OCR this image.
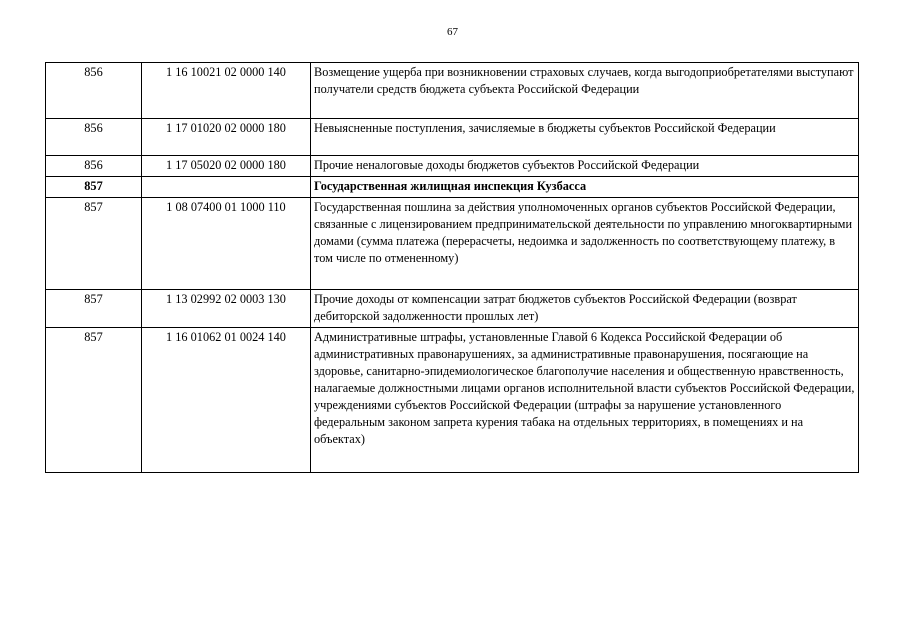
67
856	1 16 10021 02 0000 140	Возмещение ущерба при возникновении страховых случаев, когда выгодоприобретателями выступают получатели средств бюджета субъекта Российской Федерации
856	1 17 01020 02 0000 180	Невыясненные поступления, зачисляемые в бюджеты субъектов Российской Федерации
856	1 17 05020 02 0000 180	Прочие неналоговые доходы бюджетов субъектов Российской Федерации
857		Государственная жилищная инспекция Кузбасса
857	1 08 07400 01 1000 110	Государственная пошлина за действия уполномоченных органов субъектов Российской Федерации, связанные с лицензированием предпринимательской деятельности по управлению многоквартирными домами (сумма платежа (перерасчеты, недоимка и задолженность по соответствующему платежу, в том числе по отмененному)
857	1 13 02992 02 0003 130	Прочие доходы от компенсации затрат бюджетов субъектов Российской Федерации (возврат дебиторской задолженности прошлых лет)
857	1 16 01062 01 0024 140	Административные штрафы, установленные Главой 6 Кодекса Российской Федерации об административных правонарушениях, за административные правонарушения, посягающие на здоровье, санитарно-эпидемиологическое благополучие населения и общественную нравственность, налагаемые должностными лицами органов исполнительной власти субъектов Российской Федерации, учреждениями субъектов Российской Федерации (штрафы за нарушение установленного федеральным законом запрета курения табака на отдельных территориях, в помещениях и на объектах)
